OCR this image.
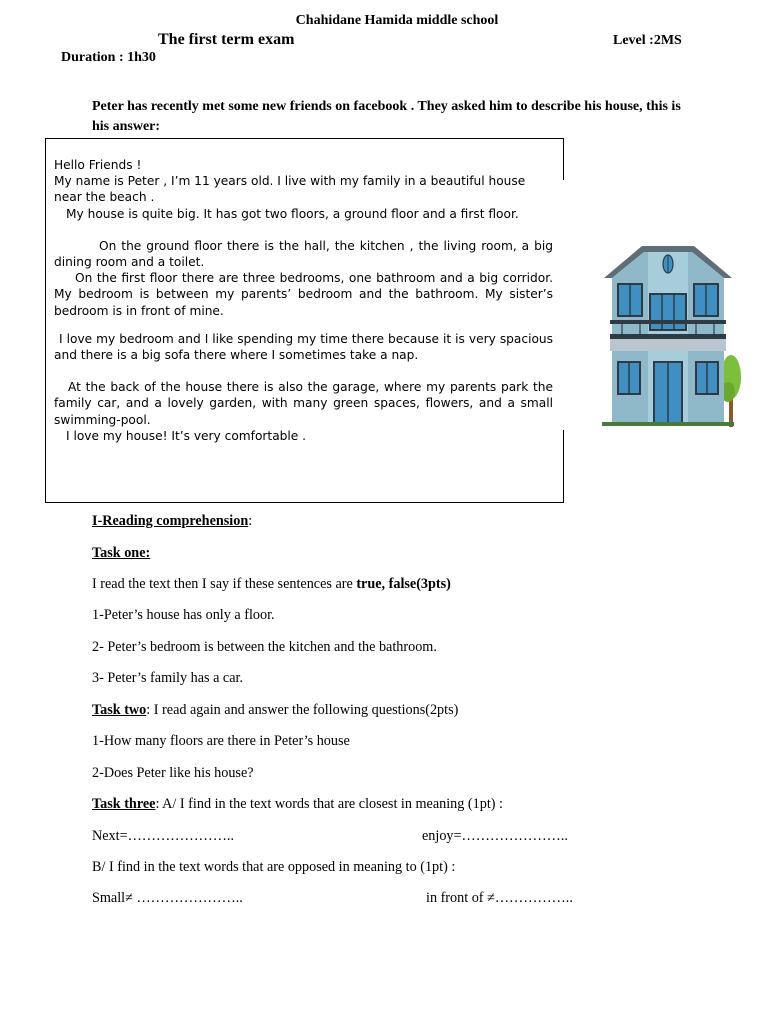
Chahidane Hamida middle school
The first term exam	Level :2MS
Duration : 1h30
Peter has recently met some new friends on facebook . They asked him to describe his house, this is his answer:

Hello Friends !

My name is Peter , I’m 11 years old. I live with my family in a beautiful house near the beach .

My house is quite big. It has got two floors, a ground floor and a first floor.

On the ground floor there is the hall, the kitchen , the living room, a big dining room and a toilet.

On the first floor there are three bedrooms, one bathroom and a big corridor. My bedroom is between my parents’ bedroom and the bathroom. My sister’s bedroom is in front of mine.

I love my bedroom and I like spending my time there because it is very spacious and there is a big sofa there where I sometimes take a nap.

At the back of the house there is also the garage, where my parents park the family car, and a lovely garden, with many green spaces, flowers, and a small swimming-pool.

I love my house! It’s very comfortable .

I-Reading comprehension:
Task one:
I read the text then I say if these sentences are true, false(3pts)
1-Peter’s house has only a floor.
2- Peter’s bedroom is between the kitchen and the bathroom.
3- Peter’s family has a car.
Task two: I read again and answer the following questions(2pts)
1-How many floors are there in Peter’s house
2-Does Peter like his house?
Task three: A/ I find in the text words that are closest in meaning (1pt) :
Next=…………………..	enjoy=…………………..
B/ I find in the text words that are opposed in meaning to (1pt) :
Small≠ …………………..	in front of ≠……………..
